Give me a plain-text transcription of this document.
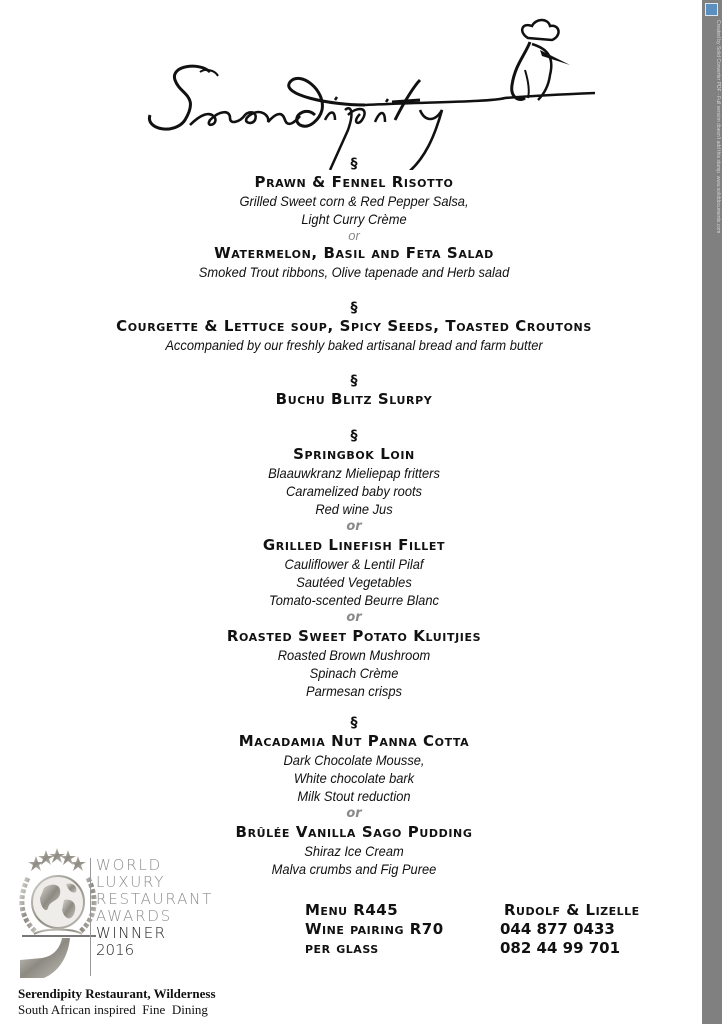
§
Prawn & Fennel Risotto
Grilled Sweet corn & Red Pepper Salsa,
Light Curry Crème
or
Watermelon, Basil and Feta Salad
Smoked Trout ribbons, Olive tapenade and Herb salad
§
Courgette & Lettuce soup, Spicy Seeds, Toasted Croutons
Accompanied by our freshly baked artisanal bread and farm butter
§
Buchu Blitz Slurpy
§
Springbok Loin
Blaauwkranz Mieliepap fritters
Caramelized baby roots
Red wine Jus
or
Grilled Linefish Fillet
Cauliflower & Lentil Pilaf
Sautéed Vegetables
Tomato-scented Beurre Blanc
or
Roasted Sweet Potato Kluitjies
Roasted Brown Mushroom
Spinach Crème
Parmesan crisps
§
Macadamia Nut Panna Cotta
Dark Chocolate Mousse,
White chocolate bark
Milk Stout reduction
or
Brûlée Vanilla Sago Pudding
Shiraz Ice Cream
Malva crumbs and Fig Puree
WORLD
LUXURY
RESTAURANT
AWARDS
WINNER
2016
Serendipity Restaurant, Wilderness
South African inspired  Fine  Dining
Menu R445
Wine pairing R70
per glass
Rudolf & Lizelle
044 877 0433
082 44 99 701
Created by Solid Converter PDF - Full version doesn't add this stamp. www.soliddocuments.com
